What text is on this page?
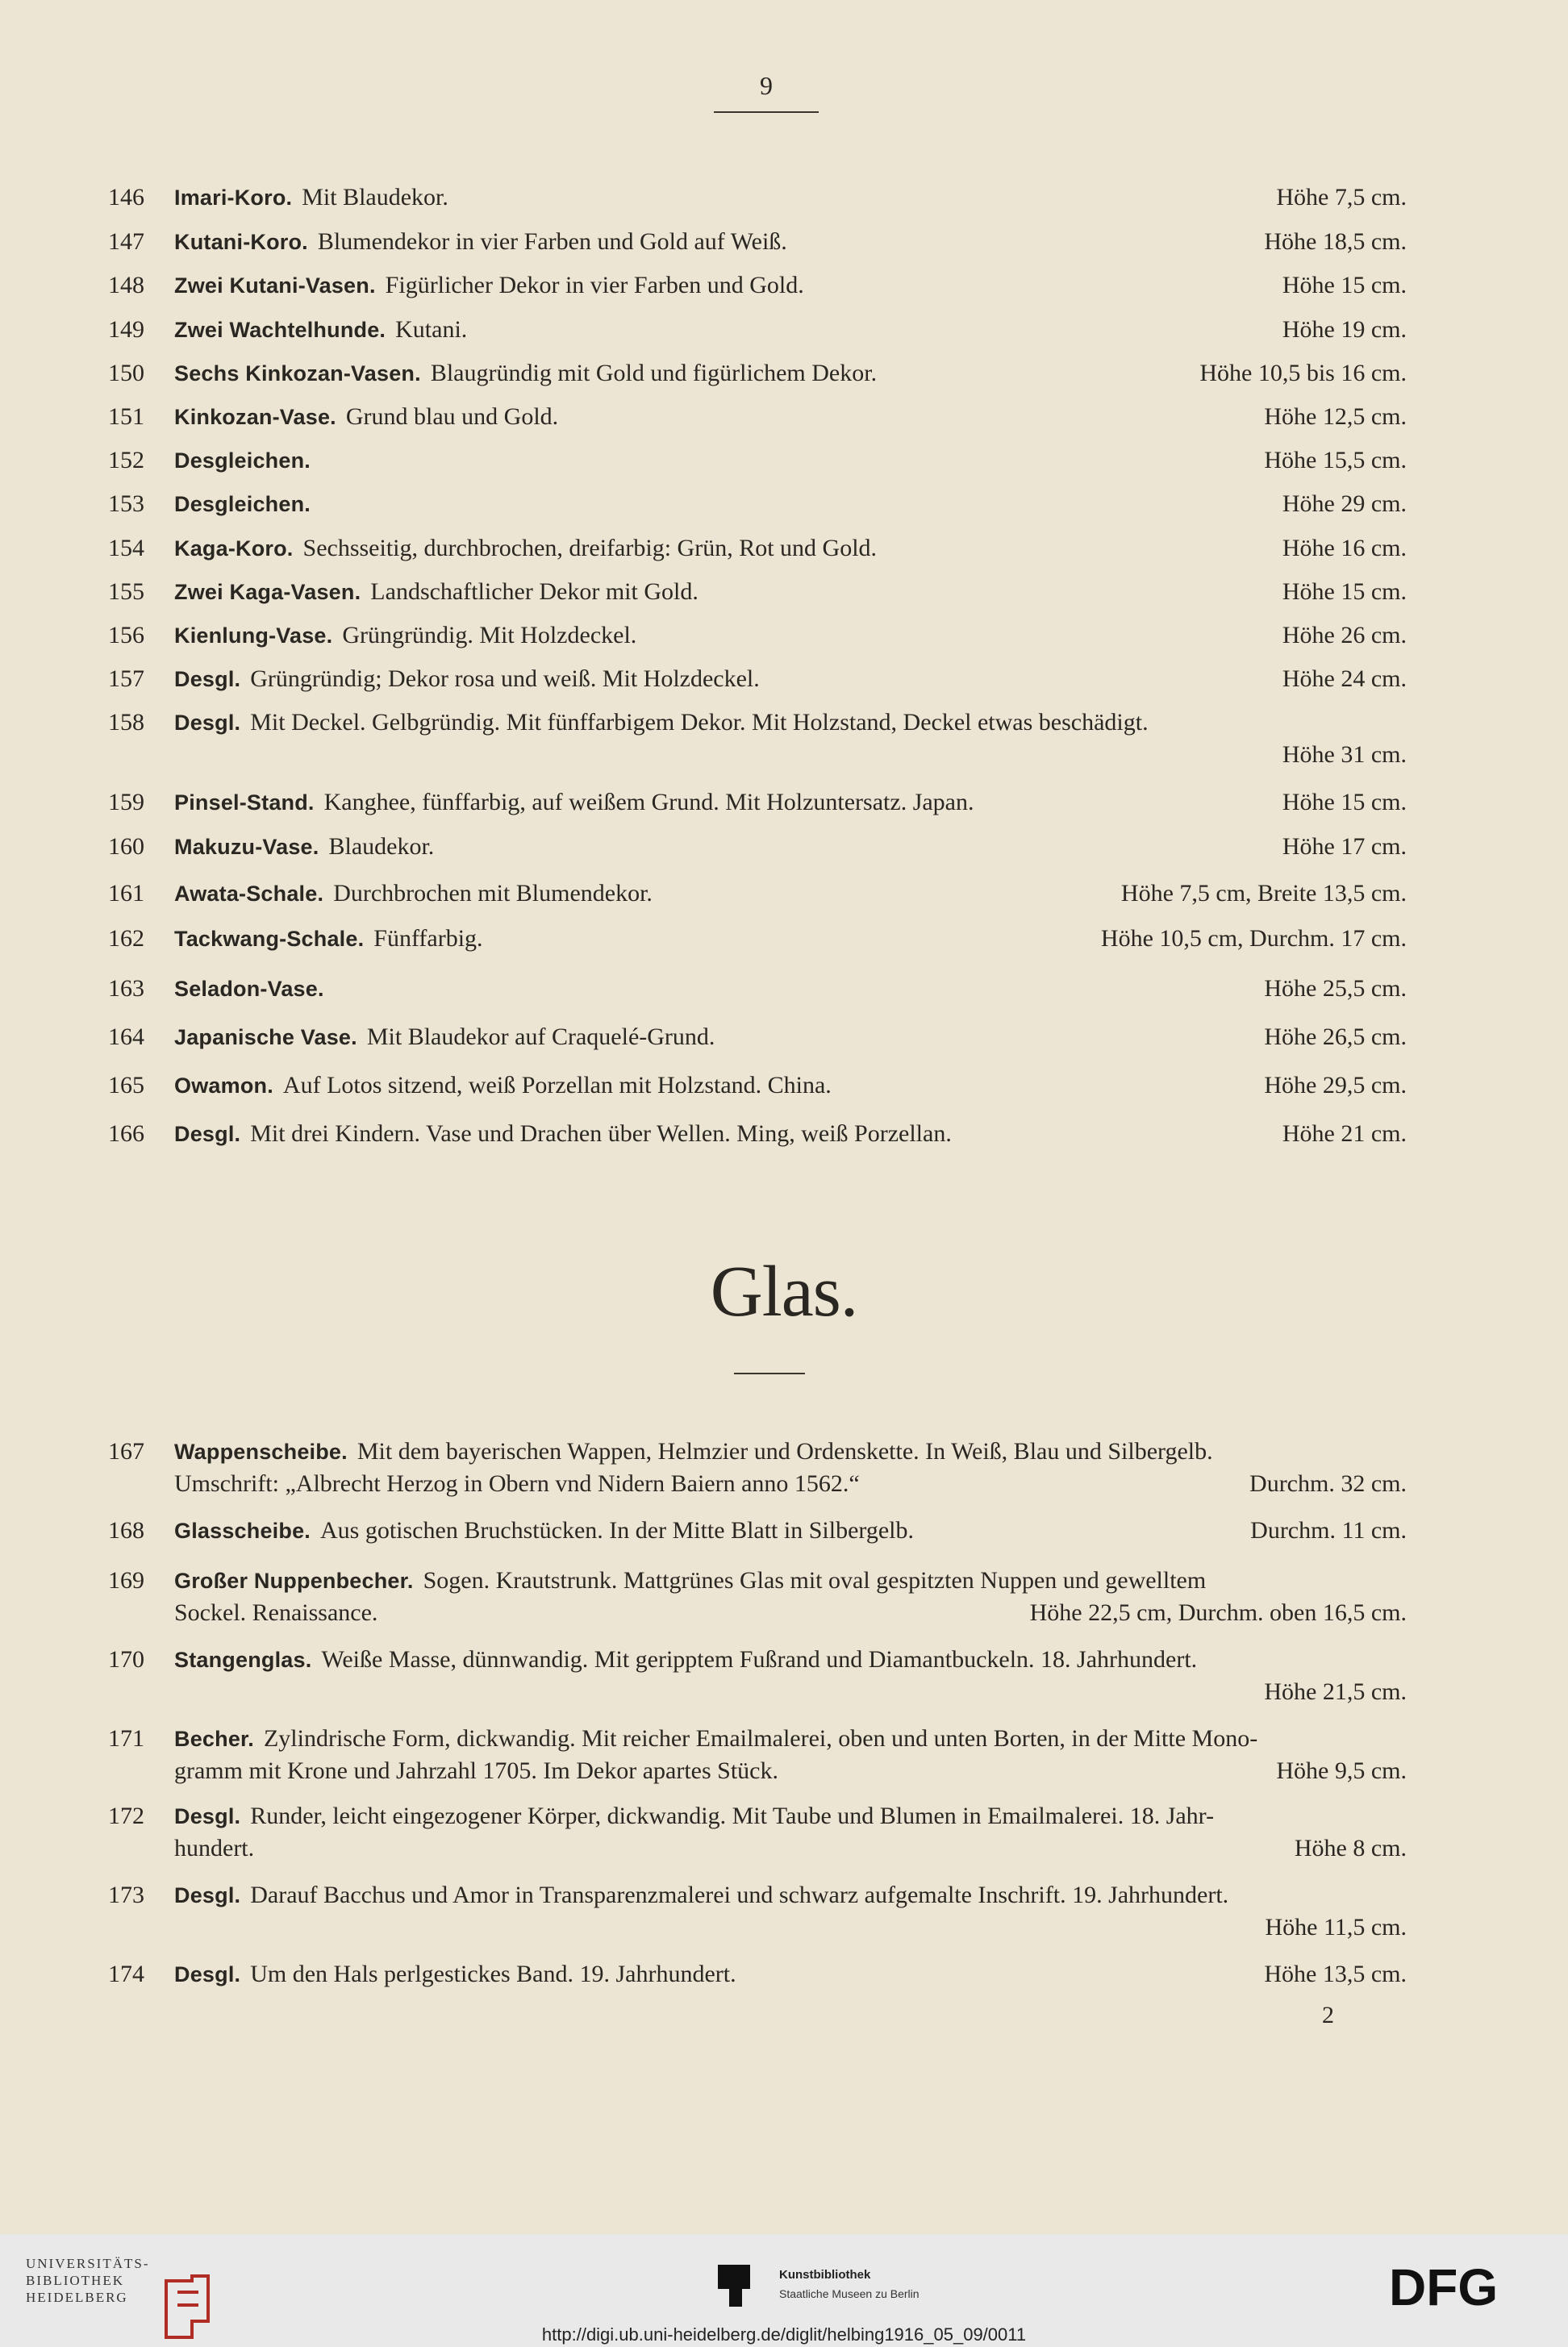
9
146	Imari-Koro. Mit Blaudekor.	Höhe 7,5 cm.
147	Kutani-Koro. Blumendekor in vier Farben und Gold auf Weiß.	Höhe 18,5 cm.
148	Zwei Kutani-Vasen. Figürlicher Dekor in vier Farben und Gold.	Höhe 15 cm.
149	Zwei Wachtelhunde. Kutani.	Höhe 19 cm.
150	Sechs Kinkozan-Vasen. Blaugründig mit Gold und figürlichem Dekor.	Höhe 10,5 bis 16 cm.
151	Kinkozan-Vase. Grund blau und Gold.	Höhe 12,5 cm.
152	Desgleichen.	Höhe 15,5 cm.
153	Desgleichen.	Höhe 29 cm.
154	Kaga-Koro. Sechsseitig, durchbrochen, dreifarbig: Grün, Rot und Gold.	Höhe 16 cm.
155	Zwei Kaga-Vasen. Landschaftlicher Dekor mit Gold.	Höhe 15 cm.
156	Kienlung-Vase. Grüngründig. Mit Holzdeckel.	Höhe 26 cm.
157	Desgl. Grüngründig; Dekor rosa und weiß. Mit Holzdeckel.	Höhe 24 cm.
158	Desgl. Mit Deckel. Gelbgründig. Mit fünffarbigem Dekor. Mit Holzstand, Deckel etwas beschädigt.
Höhe 31 cm.
159	Pinsel-Stand. Kanghee, fünffarbig, auf weißem Grund. Mit Holzuntersatz. Japan.	Höhe 15 cm.
160	Makuzu-Vase. Blaudekor.	Höhe 17 cm.
161	Awata-Schale. Durchbrochen mit Blumendekor.	Höhe 7,5 cm, Breite 13,5 cm.
162	Tackwang-Schale. Fünffarbig.	Höhe 10,5 cm, Durchm. 17 cm.
163	Seladon-Vase.	Höhe 25,5 cm.
164	Japanische Vase. Mit Blaudekor auf Craquelé-Grund.	Höhe 26,5 cm.
165	Owamon. Auf Lotos sitzend, weiß Porzellan mit Holzstand. China.	Höhe 29,5 cm.
166	Desgl. Mit drei Kindern. Vase und Drachen über Wellen. Ming, weiß Porzellan.	Höhe 21 cm.
Glas.
167	Wappenscheibe. Mit dem bayerischen Wappen, Helmzier und Ordenskette. In Weiß, Blau und Silbergelb.
Umschrift: „Albrecht Herzog in Obern vnd Nidern Baiern anno 1562.“	Durchm. 32 cm.
168	Glasscheibe. Aus gotischen Bruchstücken. In der Mitte Blatt in Silbergelb.	Durchm. 11 cm.
169	Großer Nuppenbecher. Sogen. Krautstrunk. Mattgrünes Glas mit oval gespitzten Nuppen und gewelltem
Sockel. Renaissance.	Höhe 22,5 cm, Durchm. oben 16,5 cm.
170	Stangenglas. Weiße Masse, dünnwandig. Mit geripptem Fußrand und Diamantbuckeln. 18. Jahrhundert.
Höhe 21,5 cm.
171	Becher. Zylindrische Form, dickwandig. Mit reicher Emailmalerei, oben und unten Borten, in der Mitte Mono-
gramm mit Krone und Jahrzahl 1705. Im Dekor apartes Stück.	Höhe 9,5 cm.
172	Desgl. Runder, leicht eingezogener Körper, dickwandig. Mit Taube und Blumen in Emailmalerei. 18. Jahr-
hundert.	Höhe 8 cm.
173	Desgl. Darauf Bacchus und Amor in Transparenzmalerei und schwarz aufgemalte Inschrift. 19. Jahrhundert.
Höhe 11,5 cm.
174	Desgl. Um den Hals perlgestickes Band. 19. Jahrhundert.	Höhe 13,5 cm.
2
UNIVERSITÄTS-
BIBLIOTHEK
HEIDELBERG
Kunstbibliothek
Staatliche Museen zu Berlin	DFG
http://digi.ub.uni-heidelberg.de/diglit/helbing1916_05_09/0011
